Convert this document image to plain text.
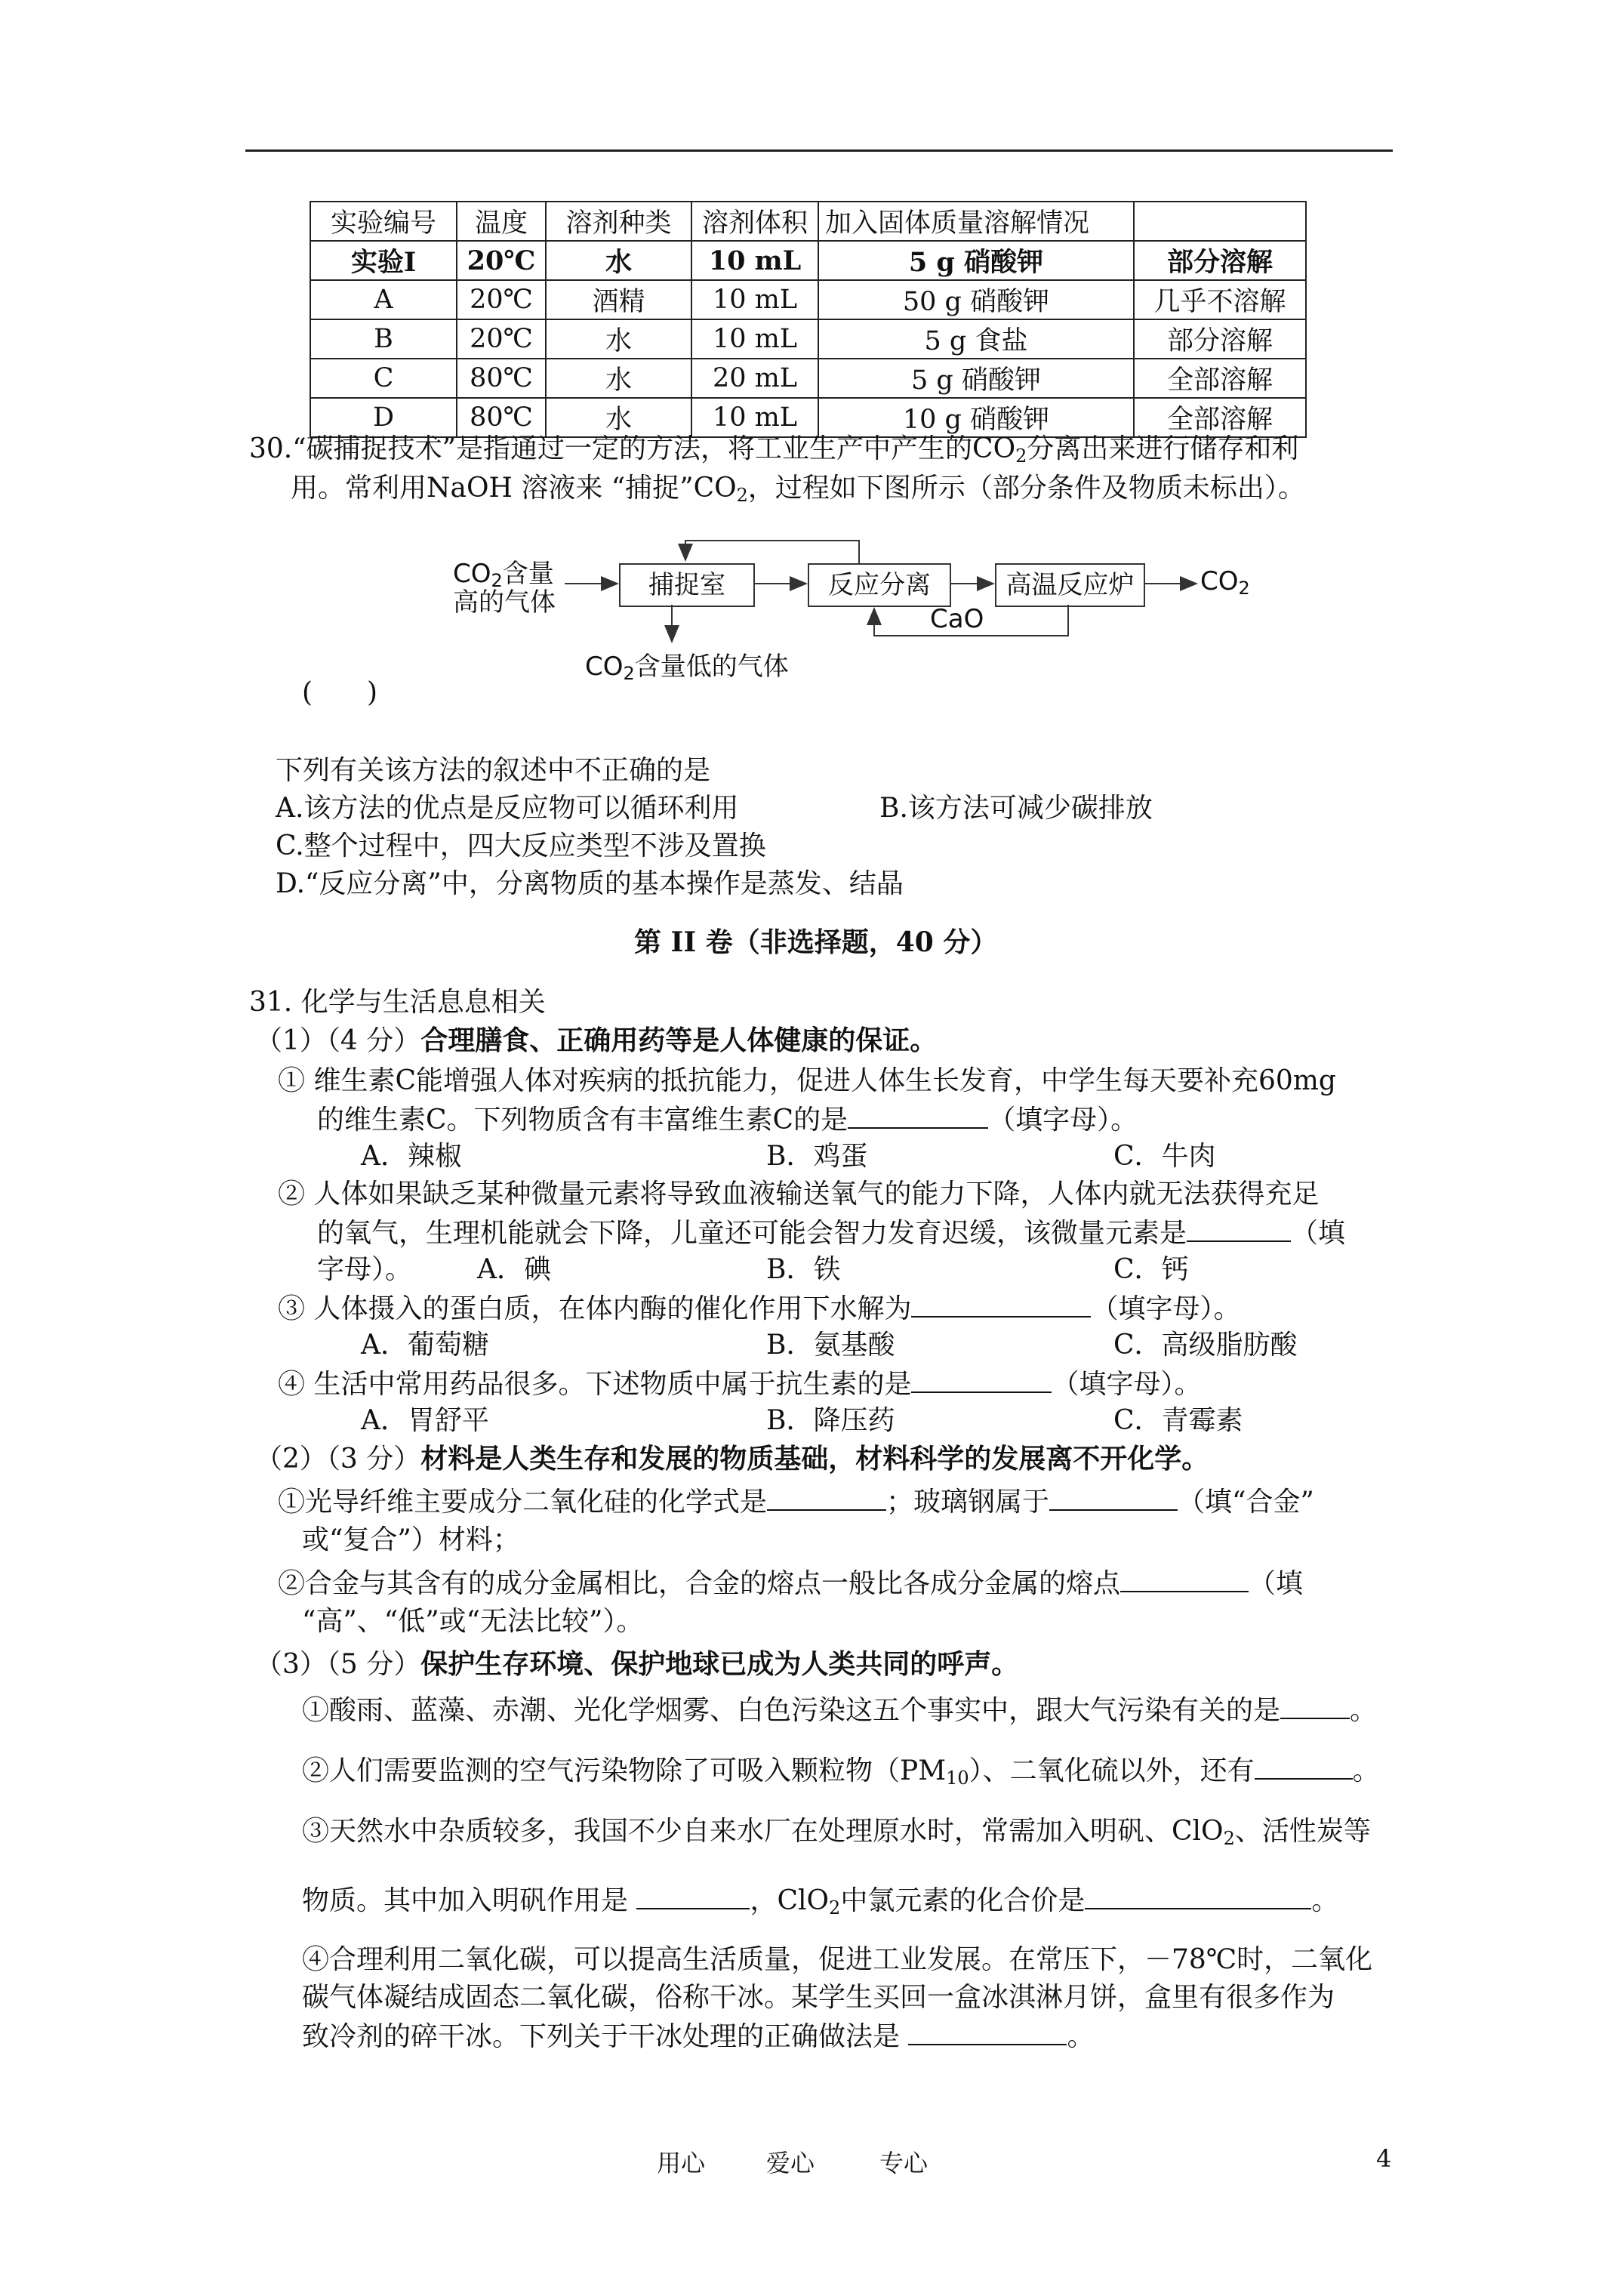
实验编号	温度	溶剂种类	溶剂体积	加入固体质量溶解情况	
实验Ⅰ	20℃	水	10 mL	5 g 硝酸钾	部分溶解
A	20℃	酒精	10 mL	50 g 硝酸钾	几乎不溶解
B	20℃	水	10 mL	5 g 食盐	部分溶解
C	80℃	水	20 mL	5 g 硝酸钾	全部溶解
D	80℃	水	10 mL	10 g 硝酸钾	全部溶解
30.“碳捕捉技术”是指通过一定的方法，将工业生产中产生的$CO_2$分离出来进行储存和利
用。常利用NaOH 溶液来 “捕捉$”CO_2$，过程如下图所示（部分条件及物质未标出）。
$CO_2$含量
高的气体
捕捉室	反应分离	高温反应炉	$CO_2$
CaO
$CO_2$含量低的气体
(　　)
下列有关该方法的叙述中不正确的是
A.该方法的优点是反应物可以循环利用	B.该方法可减少碳排放
C.整个过程中，四大反应类型不涉及置换
D.“反应分离”中，分离物质的基本操作是蒸发、结晶
第 II 卷（非选择题，40 分）
31. 化学与生活息息相关
（1）（4 分）合理膳食、正确用药等是人体健康的保证。
① 维生素C能增强人体对疾病的抵抗能力，促进人体生长发育，中学生每天要补充60mg
的维生素C。下列物质含有丰富维生素C的是	（填字母）。
A．辣椒	B．鸡蛋	C．牛肉
② 人体如果缺乏某种微量元素将导致血液输送氧气的能力下降，人体内就无法获得充足
的氧气，生理机能就会下降，儿童还可能会智力发育迟缓，该微量元素是	（填
字母）。 A．碘	B．铁	C．钙
③ 人体摄入的蛋白质，在体内酶的催化作用下水解为	（填字母）。
A．葡萄糖	B．氨基酸	C．高级脂肪酸
④ 生活中常用药品很多。下述物质中属于抗生素的是	（填字母）。
A．胃舒平	B．降压药	C．青霉素
（2）（3 分）材料是人类生存和发展的物质基础，材料科学的发展离不开化学。
①光导纤维主要成分二氧化硅的化学式是	；玻璃钢属于	（填“合金”
或“复合”）材料；
②合金与其含有的成分金属相比，合金的熔点一般比各成分金属的熔点	（填
“高”、“低”或“无法比较”）。
（3）（5 分）保护生存环境、保护地球已成为人类共同的呼声。
①酸雨、蓝藻、赤潮、光化学烟雾、白色污染这五个事实中，跟大气污染有关的是	。
②人们需要监测的空气污染物除了可吸入颗粒物$(PM_{10})$、二氧化硫以外，还有	。
③天然水中杂质较多，我国不少自来水厂在处理原水时，常需加入明矾、ClO$_2$、活性炭等
物质。其中加入明矾作用是	，ClO$_2$中氯元素的化合价是	。
④合理利用二氧化碳，可以提高生活质量，促进工业发展。在常压下，－78℃时，二氧化
碳气体凝结成固态二氧化碳，俗称干冰。某学生买回一盒冰淇淋月饼，盒里有很多作为
致冷剂的碎干冰。下列关于干冰处理的正确做法是	。
用心	爱心	专心	4
